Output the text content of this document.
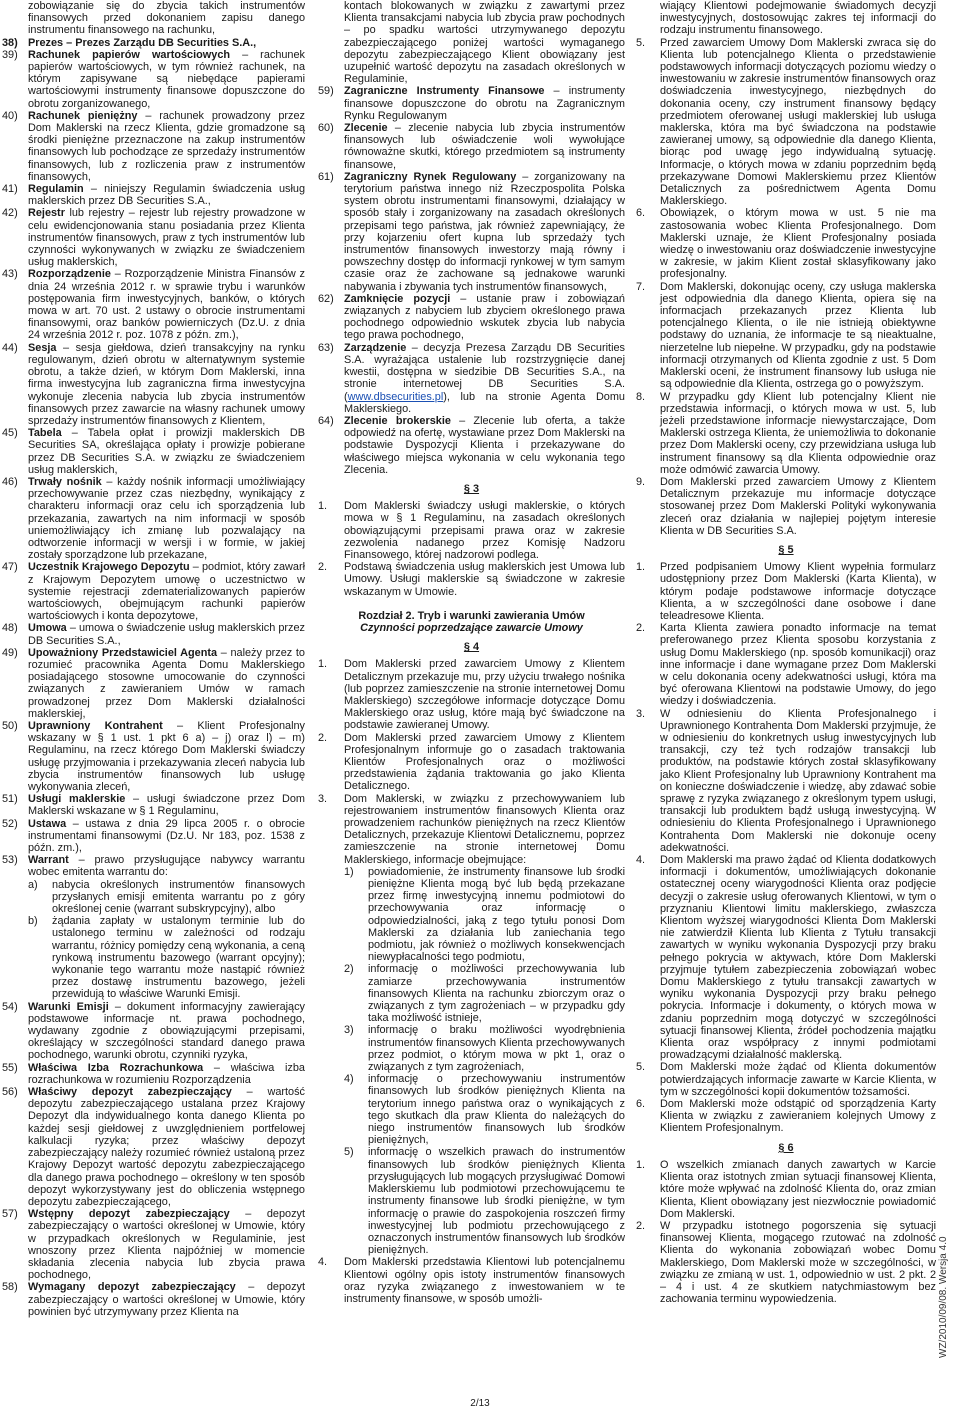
zobowiązanie się do zbycia takich instrumentów finansowych przed dokonaniem zapisu danego instrumentu finansowego na rachunku,

38) Prezes – Prezes Zarządu DB Securities S.A.,
39) Rachunek papierów wartościowych – rachunek papierów wartościowych, w tym również rachunek, na którym zapisywane są niebędące papierami wartościowymi instrumenty finansowe dopuszczone do obrotu zorganizowanego,
40) Rachunek pieniężny – rachunek prowadzony przez Dom Maklerski na rzecz Klienta, gdzie gromadzone są środki pieniężne przeznaczone na zakup instrumentów finansowych lub pochodzące ze sprzedaży instrumentów finansowych, lub z rozliczenia praw z instrumentów finansowych,
41) Regulamin – niniejszy Regulamin świadczenia usług maklerskich przez DB Securities S.A.,
42) Rejestr lub rejestry – rejestr lub rejestry prowadzone w celu ewidencjonowania stanu posiadania przez Klienta instrumentów finansowych, praw z tych instrumentów lub czynności wykonywanych w związku ze świadczeniem usług maklerskich,
43) Rozporządzenie – Rozporządzenie Ministra Finansów z dnia 24 września 2012 r. w sprawie trybu i warunków postępowania firm inwestycyjnych, banków, o których mowa w art. 70 ust. 2 ustawy o obrocie instrumentami finansowymi, oraz banków powierniczych (Dz.U. z dnia 24 września 2012 r. poz. 1078 z późn. zm.),
44) Sesja – sesja giełdowa, dzień transakcyjny na rynku regulowanym, dzień obrotu w alternatywnym systemie obrotu, a także dzień, w którym Dom Maklerski, inna firma inwestycyjna lub zagraniczna firma inwestycyjna wykonuje zlecenia nabycia lub zbycia instrumentów finansowych przez zawarcie na własny rachunek umowy sprzedaży instrumentów finansowych z Klientem,
45) Tabela – Tabela opłat i prowizji maklerskich DB Securities SA, określająca opłaty i prowizje pobierane przez DB Securities S.A. w związku ze świadczeniem usług maklerskich,
46) Trwały nośnik – każdy nośnik informacji umożliwiający przechowywanie przez czas niezbędny, wynikający z charakteru informacji oraz celu ich sporządzenia lub przekazania, zawartych na nim informacji w sposób uniemożliwiający ich zmianę lub pozwalający na odtworzenie informacji w wersji i w formie, w jakiej zostały sporządzone lub przekazane,
47) Uczestnik Krajowego Depozytu – podmiot, który zawarł z Krajowym Depozytem umowę o uczestnictwo w systemie rejestracji zdematerializowanych papierów wartościowych, obejmującym rachunki papierów wartościowych i konta depozytowe,
48) Umowa – umowa o świadczenie usług maklerskich przez DB Securities S.A.,
49) Upoważniony Przedstawiciel Agenta – należy przez to rozumieć pracownika Agenta Domu Maklerskiego posiadającego stosowne umocowanie do czynności związanych z zawieraniem Umów w ramach prowadzonej przez Dom Maklerski działalności maklerskiej,
50) Uprawniony Kontrahent – Klient Profesjonalny wskazany w § 1 ust. 1 pkt 6 a) – j) oraz l) – m) Regulaminu, na rzecz którego Dom Maklerski świadczy usługę przyjmowania i przekazywania zleceń nabycia lub zbycia instrumentów finansowych lub usługę wykonywania zleceń,
51) Usługi maklerskie – usługi świadczone przez Dom Maklerski wskazane w § 1 Regulaminu,
52) Ustawa – ustawa z dnia 29 lipca 2005 r. o obrocie instrumentami finansowymi (Dz.U. Nr 183, poz. 1538 z późn. zm.),
53) Warrant – prawo przysługujące nabywcy warrantu wobec emitenta warrantu do:
a)	nabycia określonych instrumentów finansowych przysłanych emisji emitenta warrantu po z góry określonej cenie (warrant subskrypcyjny), albo
b)	żądania zapłaty w ustalonym terminie lub do ustalonego terminu w zależności od rodzaju warrantu, różnicy pomiędzy ceną wykonania, a ceną rynkową instrumentu bazowego (warrant opcyjny); wykonanie tego warrantu może nastąpić również przez dostawę instrumentu bazowego, jeżeli przewidują to właściwe Warunki Emisji.
54) Warunki Emisji – dokument informacyjny zawierający podstawowe informacje nt. prawa pochodnego, wydawany zgodnie z obowiązującymi przepisami, określający w szczególności standard danego prawa pochodnego, warunki obrotu, czynniki ryzyka,
55) Właściwa Izba Rozrachunkowa – właściwa izba rozrachunkowa w rozumieniu Rozporządzenia
56) Właściwy depozyt zabezpieczający – wartość depozytu zabezpieczającego ustalana przez Krajowy Depozyt dla indywidualnego konta danego Klienta po każdej sesji giełdowej z uwzględnieniem portfelowej kalkulacji ryzyka; przez właściwy depozyt zabezpieczający należy rozumieć również ustaloną przez Krajowy Depozyt wartość depozytu zabezpieczającego dla danego prawa pochodnego – określony w ten sposób depozyt wykorzystywany jest do obliczenia wstępnego depozytu zabezpieczającego,
57) Wstępny depozyt zabezpieczający – depozyt zabezpieczający o wartości określonej w Umowie, który w przypadkach określonych w Regulaminie, jest wnoszony przez Klienta najpóźniej w momencie składania zlecenia nabycia lub zbycia prawa pochodnego,
58) Wymagany depozyt zabezpieczający – depozyt zabezpieczający o wartości określonej w Umowie, który powinien być utrzymywany przez Klienta na

kontach blokowanych w związku z zawartymi przez Klienta transakcjami nabycia lub zbycia praw pochodnych – po spadku wartości utrzymywanego depozytu zabezpieczającego poniżej wartości wymaganego depozytu zabezpieczającego Klient obowiązany jest uzupełnić wartość depozytu na zasadach określonych w Regulaminie,

59) Zagraniczne Instrumenty Finansowe – instrumenty finansowe dopuszczone do obrotu na Zagranicznym Rynku Regulowanym
60) Zlecenie – zlecenie nabycia lub zbycia instrumentów finansowych lub oświadczenie woli wywołujące równoważne skutki, którego przedmiotem są instrumenty finansowe,
61) Zagraniczny Rynek Regulowany – zorganizowany na terytorium państwa innego niż Rzeczpospolita Polska system obrotu instrumentami finansowymi, działający w sposób stały i zorganizowany na zasadach określonych przepisami tego państwa, jak również zapewniający, że przy kojarzeniu ofert kupna lub sprzedaży tych instrumentów finansowych inwestorzy mają równy i powszechny dostęp do informacji rynkowej w tym samym czasie oraz że zachowane są jednakowe warunki nabywania i zbywania tych instrumentów finansowych,
62) Zamknięcie pozycji – ustanie praw i zobowiązań związanych z nabyciem lub zbyciem określonego prawa pochodnego odpowiednio wskutek zbycia lub nabycia tego prawa pochodnego,
63) Zarządzenie – decyzja Prezesa Zarządu DB Securities S.A. wyrażająca ustalenie lub rozstrzygnięcie danej kwestii, dostępna w siedzibie DB Securities S.A., na stronie internetowej DB Securities S.A. (www.dbsecurities.pl), lub na stronie Agenta Domu Maklerskiego.
64) Zlecenie brokerskie – Zlecenie lub oferta, a także odpowiedź na ofertę, wystawiane przez Dom Maklerski na podstawie Dyspozycji Klienta i przekazywane do właściwego miejsca wykonania w celu wykonania tego Zlecenia.
§ 3
1.	Dom Maklerski świadczy usługi maklerskie, o których mowa w § 1 Regulaminu, na zasadach określonych obowiązującymi przepisami prawa oraz w zakresie zezwolenia nadanego przez Komisję Nadzoru Finansowego, której nadzorowi podlega.
2.	Podstawą świadczenia usług maklerskich jest Umowa lub Umowy. Usługi maklerskie są świadczone w zakresie wskazanym w Umowie.
Rozdział 2. Tryb i warunki zawierania Umów
Czynności poprzedzające zawarcie Umowy
§ 4
1.	Dom Maklerski przed zawarciem Umowy z Klientem Detalicznym przekazuje mu, przy użyciu trwałego nośnika (lub poprzez zamieszczenie na stronie internetowej Domu Maklerskiego) szczegółowe informacje dotyczące Domu Maklerskiego oraz usług, które mają być świadczone na podstawie zawieranej Umowy.
2.	Dom Maklerski przed zawarciem Umowy z Klientem Profesjonalnym informuje go o zasadach traktowania Klientów Profesjonalnych oraz o możliwości przedstawienia żądania traktowania go jako Klienta Detalicznego.
3.	Dom Maklerski, w związku z przechowywaniem lub rejestrowaniem instrumentów finansowych Klienta oraz prowadzeniem rachunków pieniężnych na rzecz Klientów Detalicznych, przekazuje Klientowi Detalicznemu, poprzez zamieszczenie na stronie internetowej Domu Maklerskiego, informacje obejmujące:
1)	powiadomienie, że instrumenty finansowe lub środki pieniężne Klienta mogą być lub będą przekazane przez firmę inwestycyjną innemu podmiotowi do przechowywania oraz informację o odpowiedzialności, jaką z tego tytułu ponosi Dom Maklerski za działania lub zaniechania tego podmiotu, jak również o możliwych konsekwencjach niewypłacalności tego podmiotu,
2)	informację o możliwości przechowywania lub zamiarze przechowywania instrumentów finansowych Klienta na rachunku zbiorczym oraz o związanych z tym zagrożeniach – w przypadku gdy taka możliwość istnieje,
3)	informację o braku możliwości wyodrębnienia instrumentów finansowych Klienta przechowywanych przez podmiot, o którym mowa w pkt 1, oraz o związanych z tym zagrożeniach,
4)	informację o przechowywaniu instrumentów finansowych lub środków pieniężnych Klienta na terytorium innego państwa oraz o wynikających z tego skutkach dla praw Klienta do należących do niego instrumentów finansowych lub środków pieniężnych,
5)	informację o wszelkich prawach do instrumentów finansowych lub środków pieniężnych Klienta przysługujących lub mogących przysługiwać Domowi Maklerskiemu lub podmiotowi przechowującemu te instrumenty finansowe lub środki pieniężne, w tym informację o prawie do zaspokojenia roszczeń firmy inwestycyjnej lub podmiotu przechowującego z oznaczonych instrumentów finansowych lub środków pieniężnych.
4.	Dom Maklerski przedstawia Klientowi lub potencjalnemu Klientowi ogólny opis istoty instrumentów finansowych oraz ryzyka związanego z inwestowaniem w te instrumenty finansowe, w sposób umożli-

wiający Klientowi podejmowanie świadomych decyzji inwestycyjnych, dostosowując zakres tej informacji do rodzaju instrumentu finansowego.

5.	Przed zawarciem Umowy Dom Maklerski zwraca się do Klienta lub potencjalnego Klienta o przedstawienie podstawowych informacji dotyczących poziomu wiedzy o inwestowaniu w zakresie instrumentów finansowych oraz doświadczenia inwestycyjnego, niezbędnych do dokonania oceny, czy instrument finansowy będący przedmiotem oferowanej usługi maklerskiej lub usługa maklerska, która ma być świadczona na podstawie zawieranej umowy, są odpowiednie dla danego Klienta, biorąc pod uwagę jego indywidualną sytuację. Informacje, o których mowa w zdaniu poprzednim będą przekazywane Domowi Maklerskiemu przez Klientów Detalicznych za pośrednictwem Agenta Domu Maklerskiego.
6.	Obowiązek, o którym mowa w ust. 5 nie ma zastosowania wobec Klienta Profesjonalnego. Dom Maklerski uznaje, że Klient Profesjonalny posiada wiedzę o inwestowaniu oraz doświadczenie inwestycyjne w zakresie, w jakim Klient został sklasyfikowany jako profesjonalny.
7.	Dom Maklerski, dokonując oceny, czy usługa maklerska jest odpowiednia dla danego Klienta, opiera się na informacjach przekazanych przez Klienta lub potencjalnego Klienta, o ile nie istnieją obiektywne podstawy do uznania, że informacje te są nieaktualne, nierzetelne lub niepełne. W przypadku, gdy na podstawie informacji otrzymanych od Klienta zgodnie z ust. 5 Dom Maklerski oceni, że instrument finansowy lub usługa nie są odpowiednie dla Klienta, ostrzega go o powyższym.
8.	W przypadku gdy Klient lub potencjalny Klient nie przedstawia informacji, o których mowa w ust. 5, lub jeżeli przedstawione informacje niewystarczające, Dom Maklerski ostrzega Klienta, że uniemożliwia to dokonanie przez Dom Maklerski oceny, czy przewidziana usługa lub instrument finansowy są dla Klienta odpowiednie oraz może odmówić zawarcia Umowy.
9.	Dom Maklerski przed zawarciem Umowy z Klientem Detalicznym przekazuje mu informacje dotyczące stosowanej przez Dom Maklerski Polityki wykonywania zleceń oraz działania w najlepiej pojętym interesie Klienta w DB Securities S.A.
§ 5
1.	Przed podpisaniem Umowy Klient wypełnia formularz udostępniony przez Dom Maklerski (Karta Klienta), w którym podaje podstawowe informacje dotyczące Klienta, a w szczególności dane osobowe i dane teleadresowe Klienta.
2.	Karta Klienta zawiera ponadto informacje na temat preferowanego przez Klienta sposobu korzystania z usług Domu Maklerskiego (np. sposób komunikacji) oraz inne informacje i dane wymagane przez Dom Maklerski w celu dokonania oceny adekwatności usługi, która ma być oferowana Klientowi na podstawie Umowy, do jego wiedzy i doświadczenia.
3.	W odniesieniu do Klienta Profesjonalnego i Uprawnionego Kontrahenta Dom Maklerski przyjmuje, że w odniesieniu do konkretnych usług inwestycyjnych lub transakcji, czy też tych rodzajów transakcji lub produktów, na podstawie których został sklasyfikowany jako Klient Profesjonalny lub Uprawniony Kontrahent ma on konieczne doświadczenie i wiedzę, aby zdawać sobie sprawę z ryzyka związanego z określonym typem usługi, transakcji lub produktem bądź usługą inwestycyjną. W odniesieniu do Klienta Profesjonalnego i Uprawnionego Kontrahenta Dom Maklerski nie dokonuje oceny adekwatności.
4.	Dom Maklerski ma prawo żądać od Klienta dodatkowych informacji i dokumentów, umożliwiających dokonanie ostatecznej oceny wiarygodności Klienta oraz podjęcie decyzji o zakresie usług oferowanych Klientowi, w tym o przyznaniu Klientowi limitu maklerskiego, zwłaszcza Klientom wyższej wiarygodności Klienta Dom Maklerski nie zatwierdził Klienta lub Klienta z Tytułu transakcji zawartych w wyniku wykonania Dyspozycji przy braku pełnego pokrycia w aktywach, które Dom Maklerski przyjmuje tytułem zabezpieczenia zobowiązań wobec Domu Maklerskiego z tytułu transakcji zawartych w wyniku wykonania Dyspozycji przy braku pełnego pokrycia. Informacje i dokumenty, o których mowa w zdaniu poprzednim mogą dotyczyć w szczególności sytuacji finansowej Klienta, źródeł pochodzenia majątku Klienta oraz współpracy z innymi podmiotami prowadzącymi działalność maklerską.
5.	Dom Maklerski może żądać od Klienta dokumentów potwierdzających informacje zawarte w Karcie Klienta, w tym w szczególności kopii dokumentów tożsamości.
6.	Dom Maklerski może odstąpić od sporządzenia Karty Klienta w związku z zawieraniem kolejnych Umowy z Klientem Profesjonalnym.
§ 6
1.	O wszelkich zmianach danych zawartych w Karcie Klienta oraz istotnych zmian sytuacji finansowej Klienta, które może wpływać na zdolność Klienta do, oraz zmian Klienta, Klient obowiązany jest niezwłocznie powiadomić Dom Maklerski.
2.	W przypadku istotnego pogorszenia się sytuacji finansowej Klienta, mogącego rzutować na zdolność Klienta do wykonania zobowiązań wobec Domu Maklerskiego, Dom Maklerski może w szczególności, w związku ze zmianą w ust. 1, odpowiednio w ust. 2 pkt. 2 – 4 i ust. 4 ze skutkiem natychmiastowym bez zachowania terminu wypowiedzenia.	WZ/2010/09/08. Wersja 4.0
2/13
